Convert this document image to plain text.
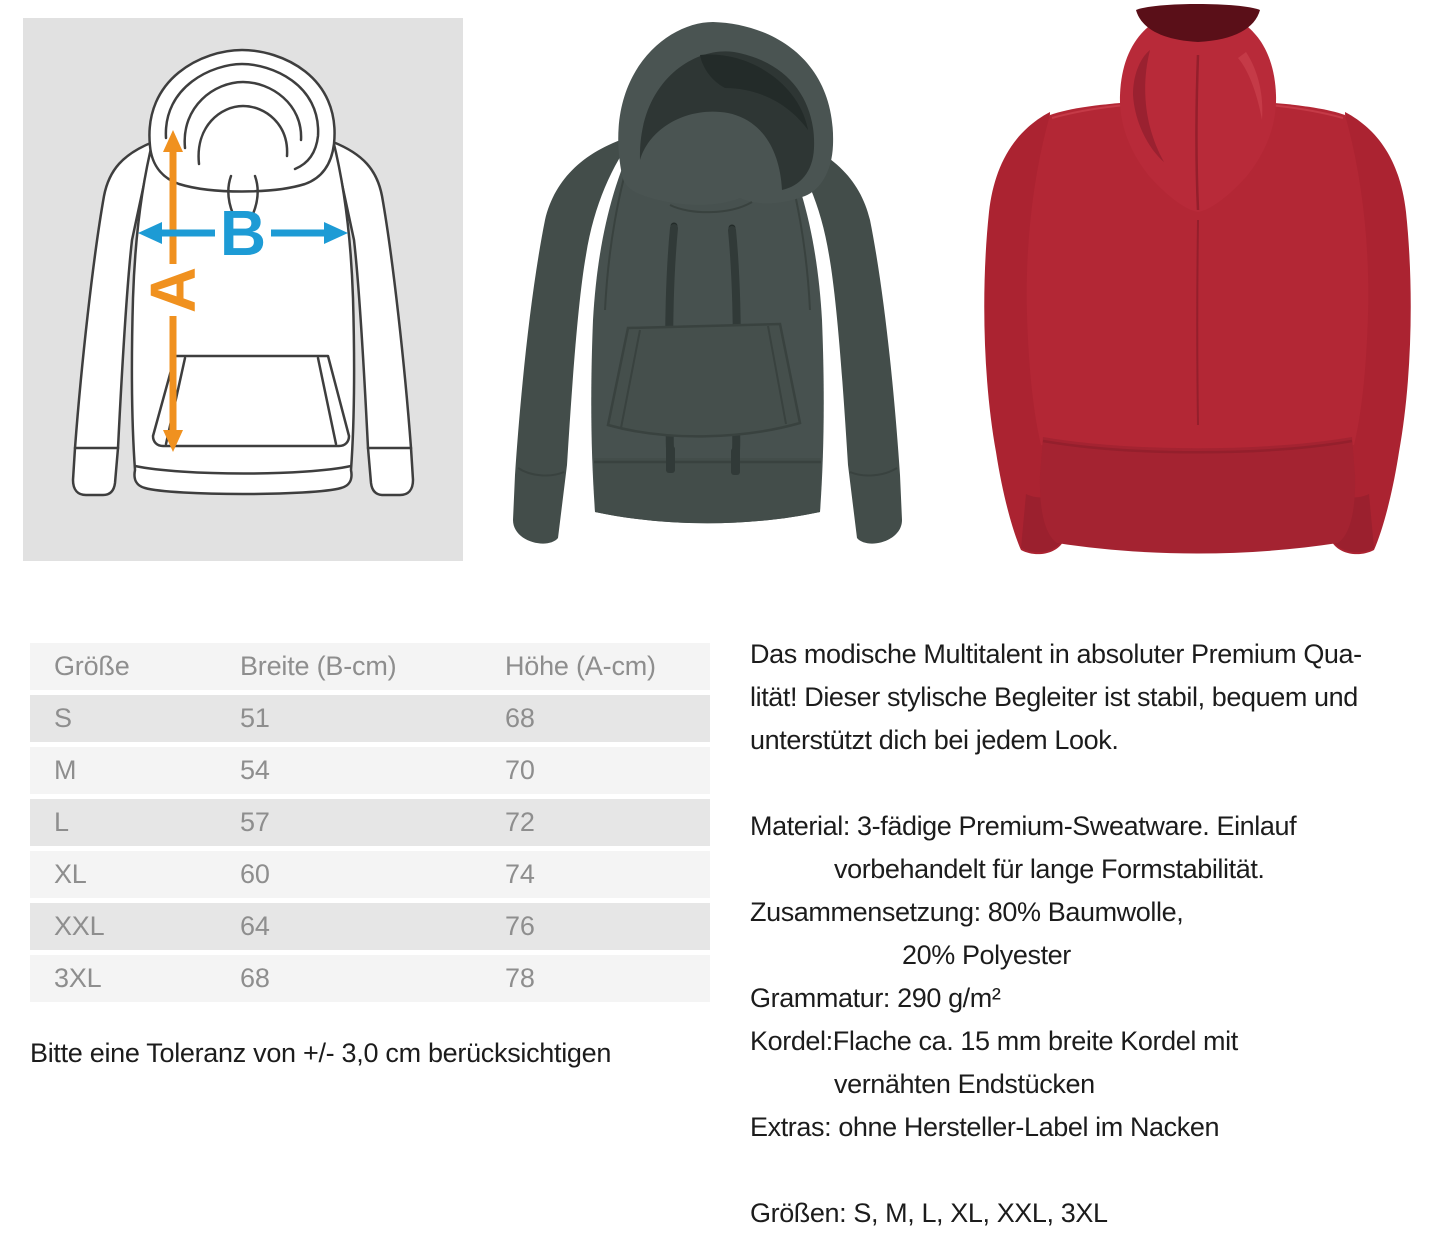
A
B
Größe	Breite (B-cm)	Höhe (A-cm)
S	51	68
M	54	70
L	57	72
XL	60	74
XXL	64	76
3XL	68	78

Bitte eine Toleranz von +/- 3,0 cm berücksichtigen

Das modische Multitalent in absoluter Premium Qua-
lität! Dieser stylische Begleiter ist stabil, bequem und
unterstützt dich bei jedem Look.
Material: 3-fädige Premium-Sweatware. Einlauf
vorbehandelt für lange Formstabilität.
Zusammensetzung: 80% Baumwolle,
20% Polyester
Grammatur: 290 g/m²
Kordel:Flache ca. 15 mm breite Kordel mit
vernähten Endstücken
Extras: ohne Hersteller-Label im Nacken
Größen: S, M, L, XL, XXL, 3XL
